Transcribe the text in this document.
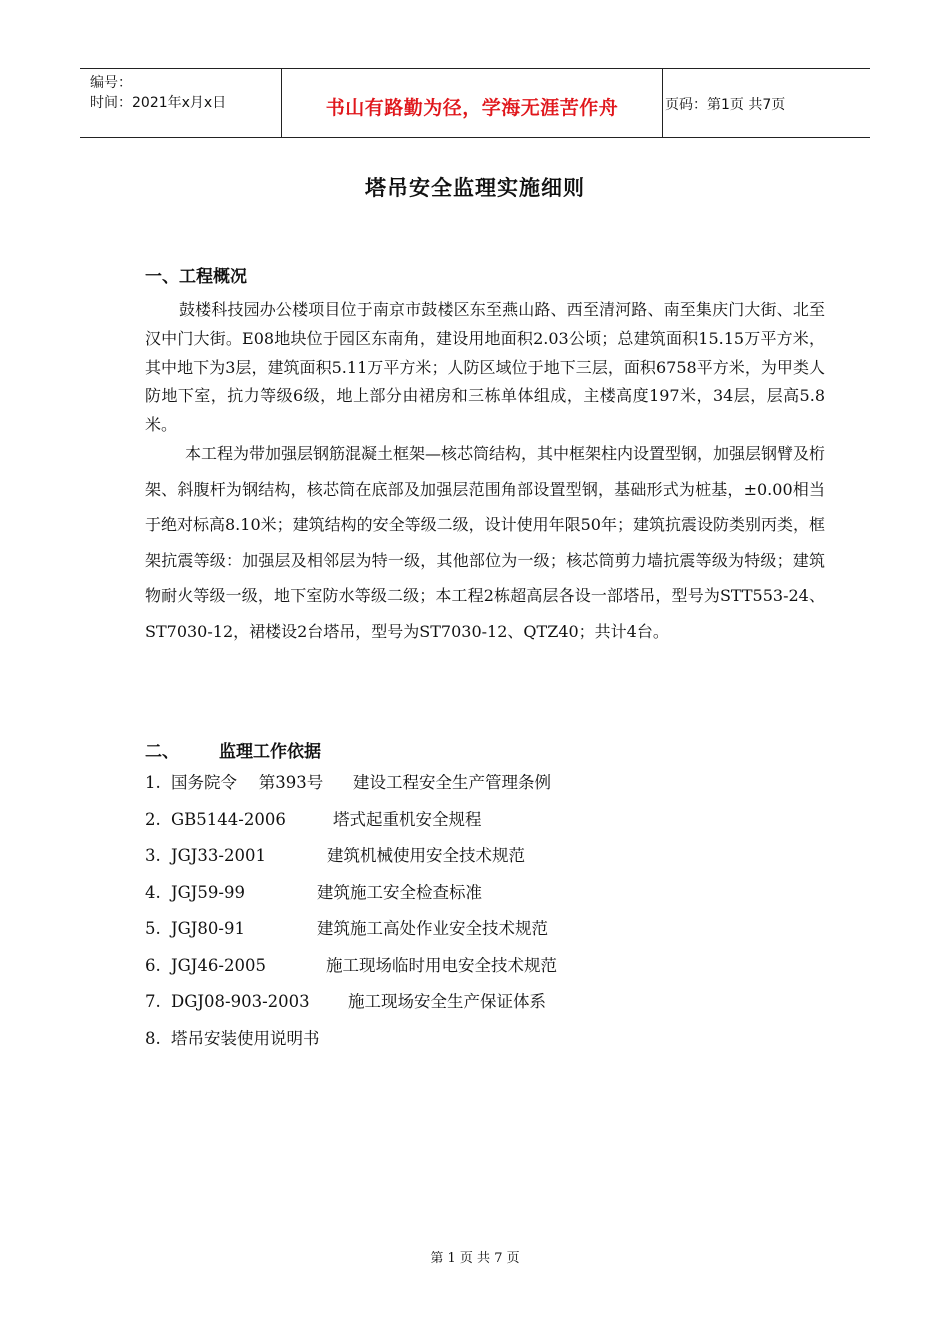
编号：
时间：2021年x月x日	书山有路勤为径，学海无涯苦作舟	页码：第1页 共7页
塔吊安全监理实施细则
一、工程概况
鼓楼科技园办公楼项目位于南京市鼓楼区东至燕山路、西至清河路、南至集庆门大街、北至汉中门大街。E08地块位于园区东南角，建设用地面积2.03公顷；总建筑面积15.15万平方米，其中地下为3层，建筑面积5.11万平方米；人防区域位于地下三层，面积6758平方米，为甲类人防地下室，抗力等级6级，地上部分由裙房和三栋单体组成，主楼高度197米，34层，层高5.8米。
本工程为带加强层钢筋混凝土框架—核芯筒结构，其中框架柱内设置型钢，加强层钢臂及桁架、斜腹杆为钢结构，核芯筒在底部及加强层范围角部设置型钢，基础形式为桩基，±0.00相当于绝对标高8.10米；建筑结构的安全等级二级，设计使用年限50年；建筑抗震设防类别丙类，框架抗震等级：加强层及相邻层为特一级，其他部位为一级；核芯筒剪力墙抗震等级为特级；建筑物耐火等级一级，地下室防水等级二级；本工程2栋超高层各设一部塔吊，型号为STT553-24、ST7030-12，裙楼设2台塔吊，型号为ST7030-12、QTZ40；共计4台。
二、 监理工作依据
1. 国务院令　 第393号 建设工程安全生产管理条例
2. GB5144-2006	塔式起重机安全规程
3. JGJ33-2001	建筑机械使用安全技术规范
4. JGJ59-99	建筑施工安全检查标准
5. JGJ80-91	建筑施工高处作业安全技术规范
6. JGJ46-2005	施工现场临时用电安全技术规范
7. DGJ08-903-2003 施工现场安全生产保证体系
8. 塔吊安装使用说明书
第 1 页 共 7 页
